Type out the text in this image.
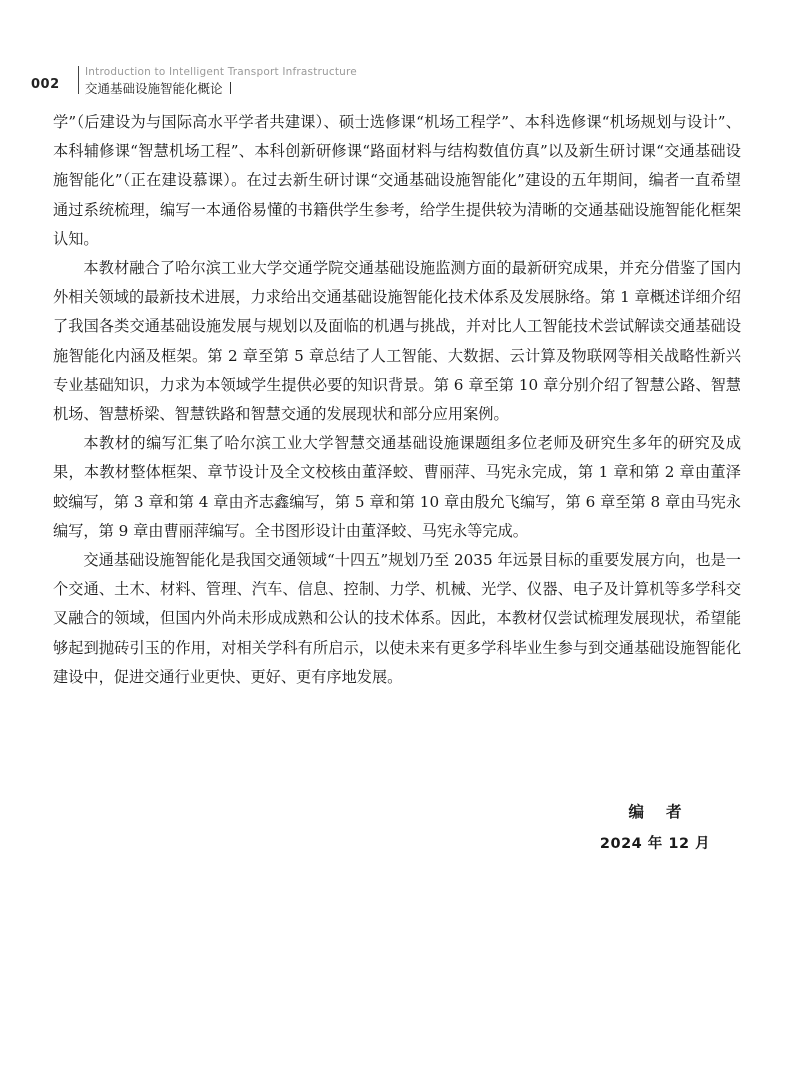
002
Introduction to Intelligent Transport Infrastructure
交通基础设施智能化概论

学”（后建设为与国际高水平学者共建课）、硕士选修课“机场工程学”、本科选修课“机场规划与设计”、本科辅修课“智慧机场工程”、本科创新研修课“路面材料与结构数值仿真”以及新生研讨课“交通基础设施智能化”（正在建设慕课）。在过去新生研讨课“交通基础设施智能化”建设的五年期间，编者一直希望通过系统梳理，编写一本通俗易懂的书籍供学生参考，给学生提供较为清晰的交通基础设施智能化框架认知。

本教材融合了哈尔滨工业大学交通学院交通基础设施监测方面的最新研究成果，并充分借鉴了国内外相关领域的最新技术进展，力求给出交通基础设施智能化技术体系及发展脉络。第 1 章概述详细介绍了我国各类交通基础设施发展与规划以及面临的机遇与挑战，并对比人工智能技术尝试解读交通基础设施智能化内涵及框架。第 2 章至第 5 章总结了人工智能、大数据、云计算及物联网等相关战略性新兴专业基础知识，力求为本领域学生提供必要的知识背景。第 6 章至第 10 章分别介绍了智慧公路、智慧机场、智慧桥梁、智慧铁路和智慧交通的发展现状和部分应用案例。

本教材的编写汇集了哈尔滨工业大学智慧交通基础设施课题组多位老师及研究生多年的研究及成果，本教材整体框架、章节设计及全文校核由董泽蛟、曹丽萍、马宪永完成，第 1 章和第 2 章由董泽蛟编写，第 3 章和第 4 章由齐志鑫编写，第 5 章和第 10 章由殷允飞编写，第 6 章至第 8 章由马宪永编写，第 9 章由曹丽萍编写。全书图形设计由董泽蛟、马宪永等完成。

交通基础设施智能化是我国交通领域“十四五”规划乃至 2035 年远景目标的重要发展方向，也是一个交通、土木、材料、管理、汽车、信息、控制、力学、机械、光学、仪器、电子及计算机等多学科交叉融合的领域，但国内外尚未形成成熟和公认的技术体系。因此，本教材仅尝试梳理发展现状，希望能够起到抛砖引玉的作用，对相关学科有所启示，以使未来有更多学科毕业生参与到交通基础设施智能化建设中，促进交通行业更快、更好、更有序地发展。

编者
2024 年 12 月
